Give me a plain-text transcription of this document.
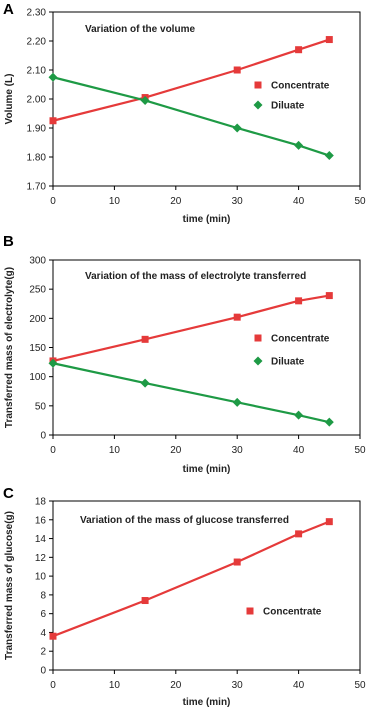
A
0	10	20	30	40	50
1.70
1.80
1.90
2.00
2.10
2.20
2.30
time (min)
Volume (L)
Variation of the volume
Concentrate
Diluate
B
0	10	20	30	40	50
0
50
100
150
200
250
300
time (min)
Transferred mass of electrolyte(g)	Variation of the mass of electrolyte transferred
Concentrate
Diluate
C
0	10	20	30	40	50
0
2
4
6
8
10
12
14
16
18
time (min)
Transferred mass of glucose(g)	Variation of the mass of glucose transferred
Concentrate
